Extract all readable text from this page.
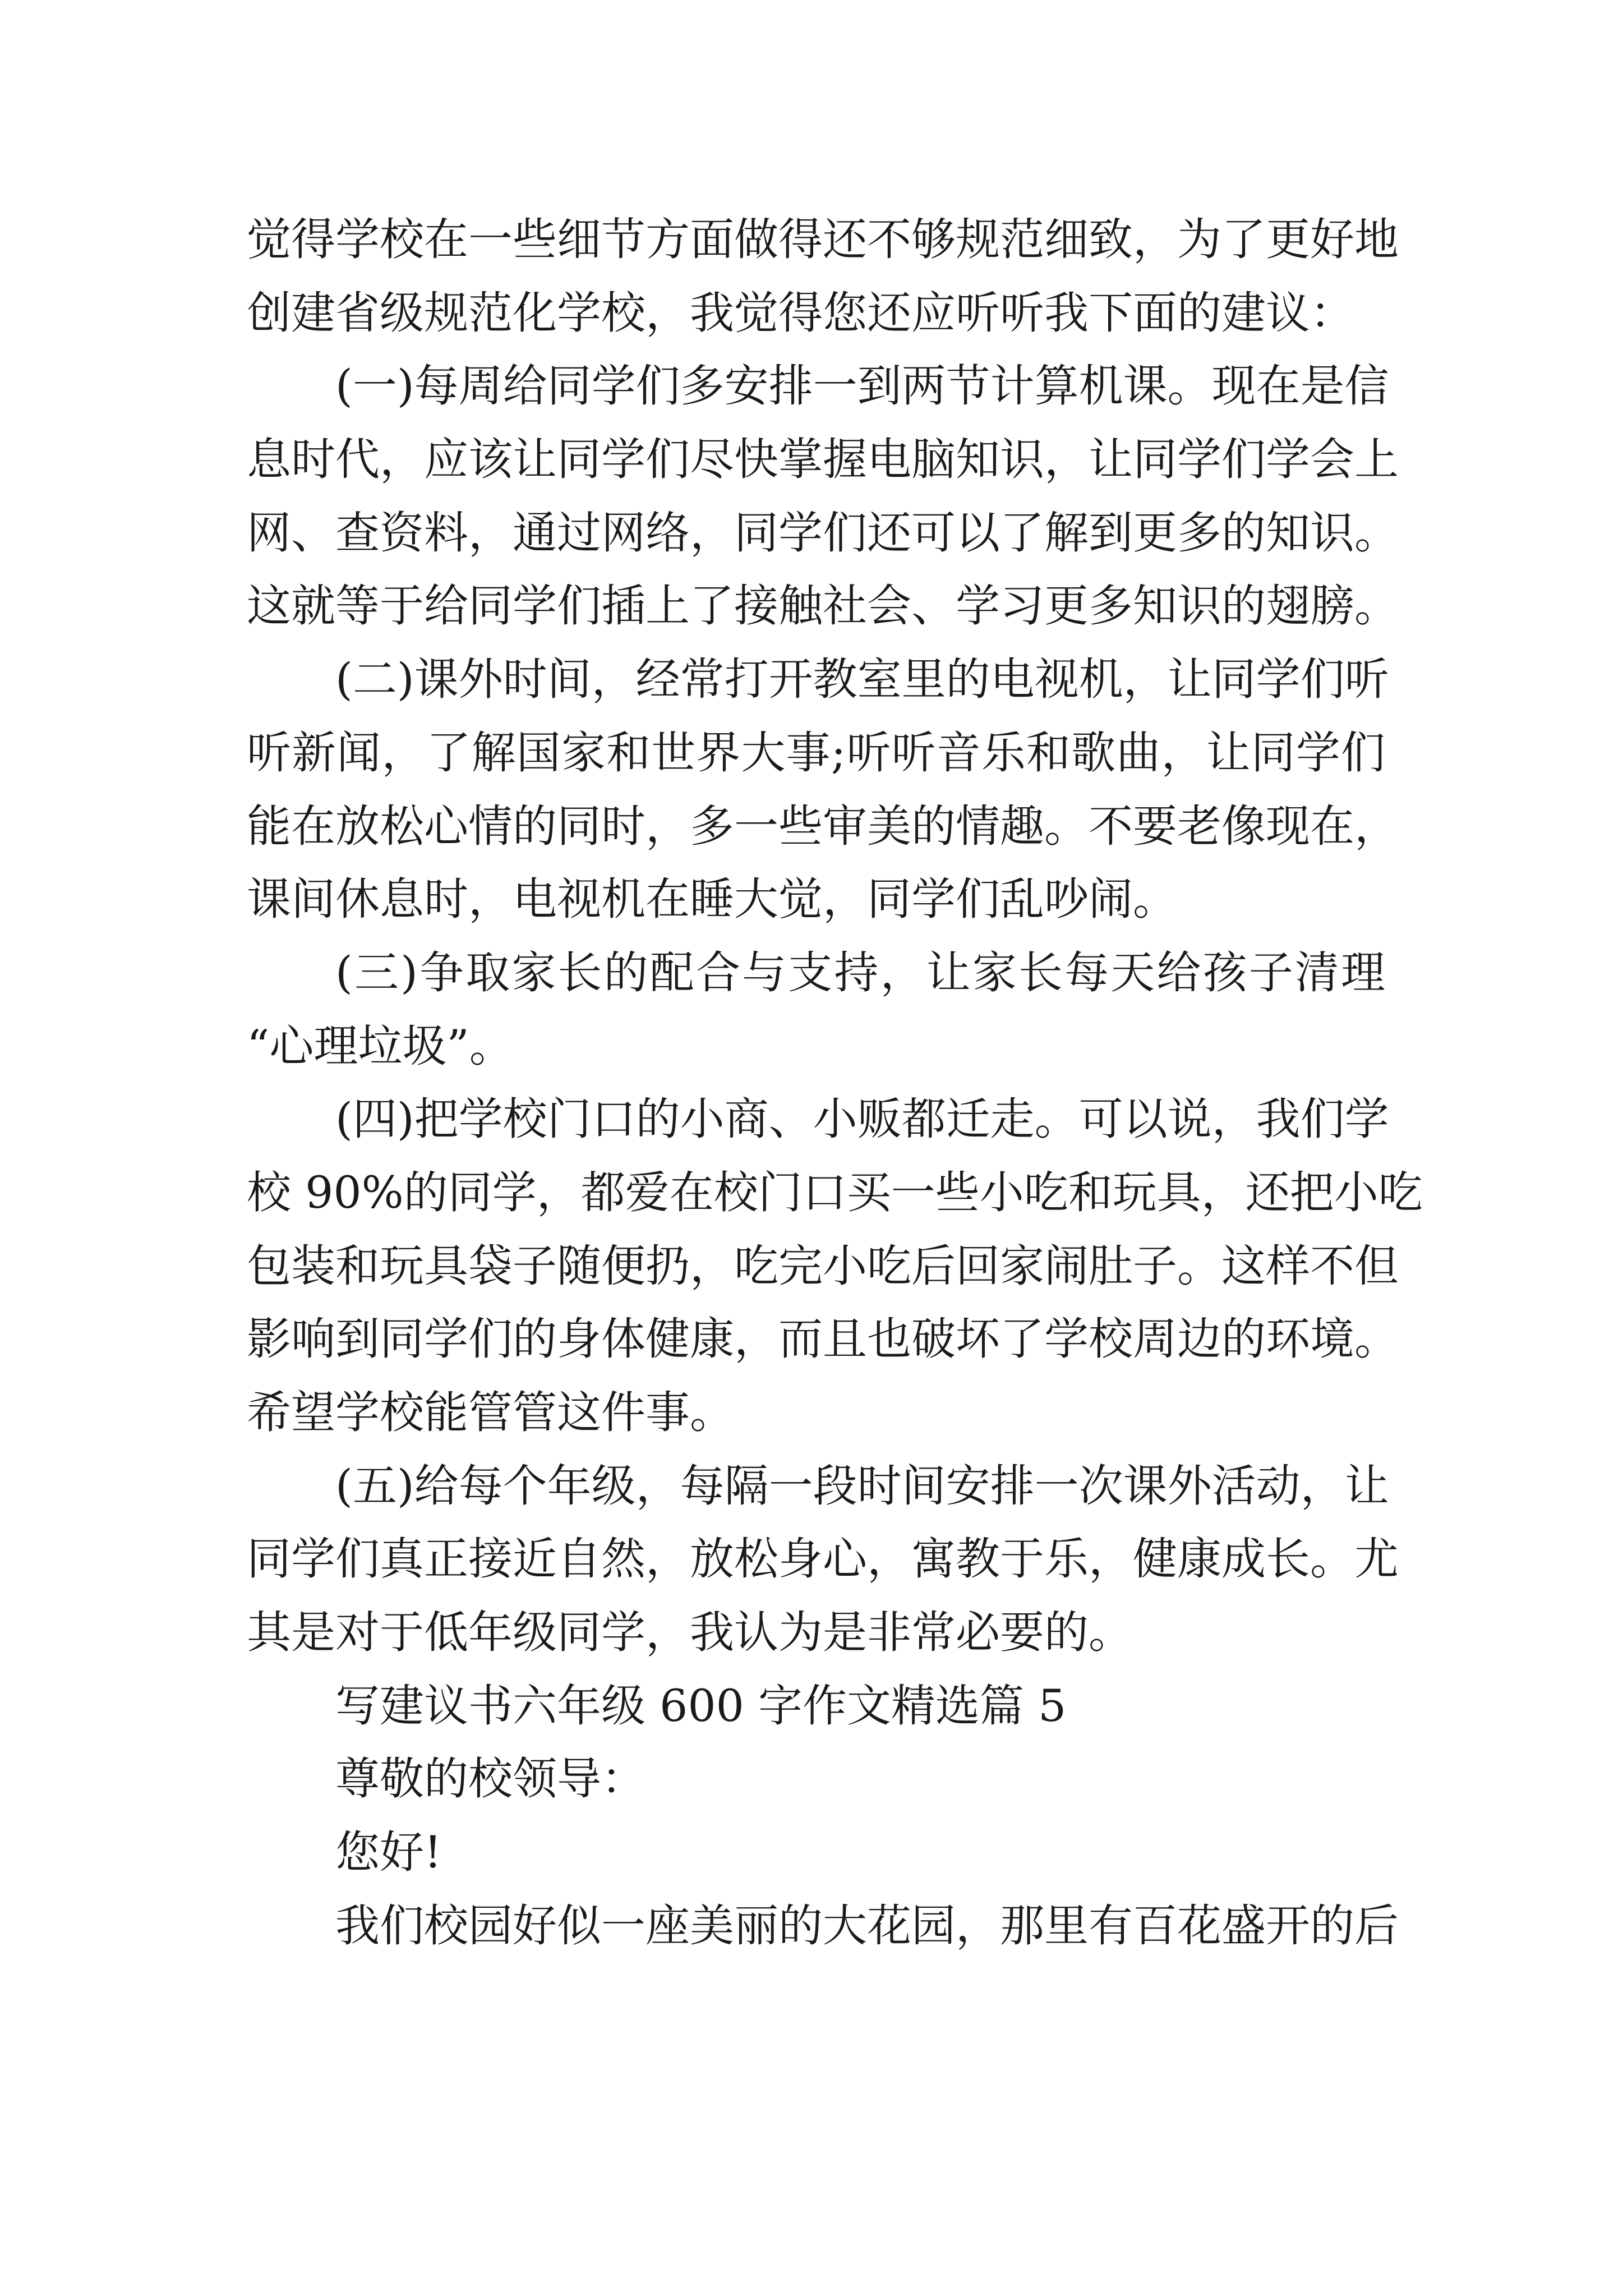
觉得学校在一些细节方面做得还不够规范细致，为了更好地
创建省级规范化学校，我觉得您还应听听我下面的建议：
(一)每周给同学们多安排一到两节计算机课。现在是信
息时代，应该让同学们尽快掌握电脑知识，让同学们学会上
网、查资料，通过网络，同学们还可以了解到更多的知识。
这就等于给同学们插上了接触社会、学习更多知识的翅膀。
(二)课外时间，经常打开教室里的电视机，让同学们听
听新闻，了解国家和世界大事;听听音乐和歌曲，让同学们
能在放松心情的同时，多一些审美的情趣。不要老像现在，
课间休息时，电视机在睡大觉，同学们乱吵闹。
(三)争取家长的配合与支持，让家长每天给孩子清理
“心理垃圾”。
(四)把学校门口的小商、小贩都迁走。可以说，我们学
校 90%的同学，都爱在校门口买一些小吃和玩具，还把小吃
包装和玩具袋子随便扔，吃完小吃后回家闹肚子。这样不但
影响到同学们的身体健康，而且也破坏了学校周边的环境。
希望学校能管管这件事。
(五)给每个年级，每隔一段时间安排一次课外活动，让
同学们真正接近自然，放松身心，寓教于乐，健康成长。尤
其是对于低年级同学，我认为是非常必要的。
写建议书六年级 600 字作文精选篇 5
尊敬的校领导：
您好!
我们校园好似一座美丽的大花园，那里有百花盛开的后
